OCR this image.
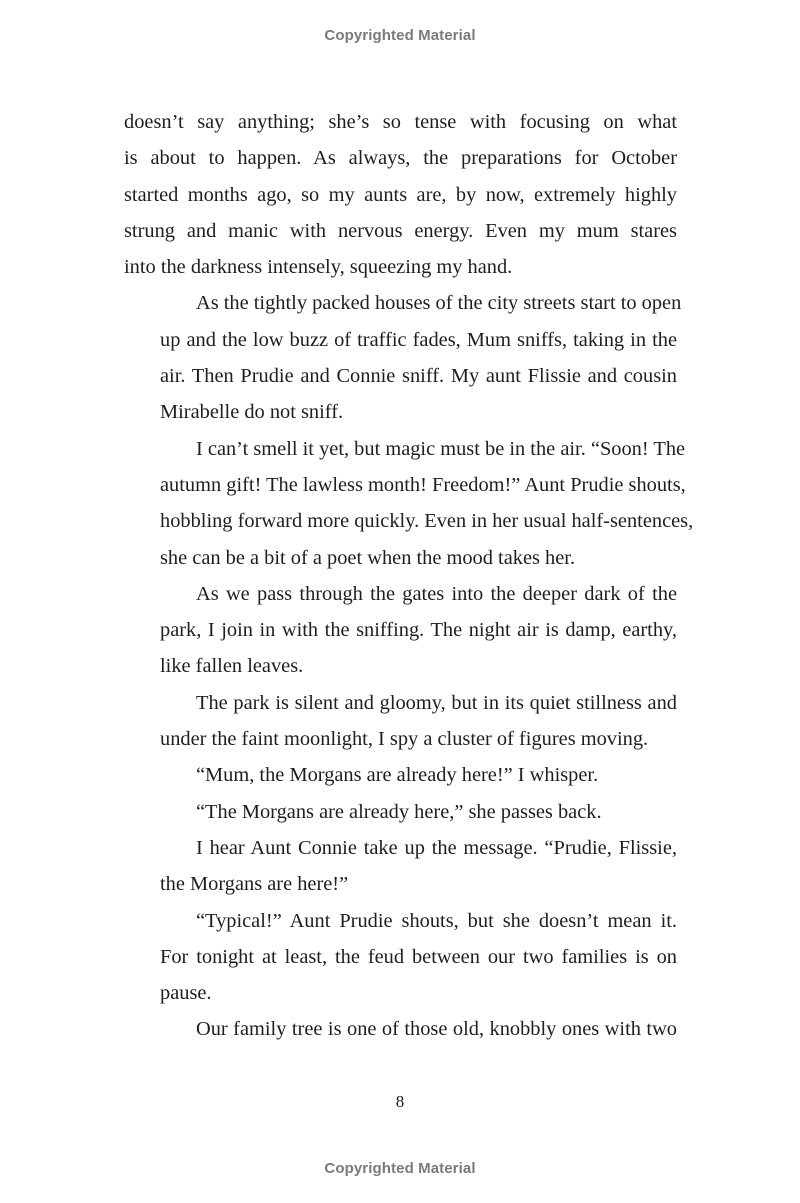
Copyrighted Material

doesn’t say anything; she’s so tense with focusing on what
is about to happen. As always, the preparations for October
started months ago, so my aunts are, by now, extremely highly
strung and manic with nervous energy. Even my mum stares
into the darkness intensely, squeezing my hand.

As the tightly packed houses of the city streets start to open
up and the low buzz of traffic fades, Mum sniffs, taking in the
air. Then Prudie and Connie sniff. My aunt Flissie and cousin
Mirabelle do not sniff.

I can’t smell it yet, but magic must be in the air. “Soon! The
autumn gift! The lawless month! Freedom!” Aunt Prudie shouts,
hobbling forward more quickly. Even in her usual half-sentences,
she can be a bit of a poet when the mood takes her.

As we pass through the gates into the deeper dark of the
park, I join in with the sniffing. The night air is damp, earthy,
like fallen leaves.

The park is silent and gloomy, but in its quiet stillness and
under the faint moonlight, I spy a cluster of figures moving.

“Mum, the Morgans are already here!” I whisper.

“The Morgans are already here,” she passes back.

I hear Aunt Connie take up the message. “Prudie, Flissie,
the Morgans are here!”

“Typical!” Aunt Prudie shouts, but she doesn’t mean it.
For tonight at least, the feud between our two families is on
pause.

Our family tree is one of those old, knobbly ones with two

8
Copyrighted Material
